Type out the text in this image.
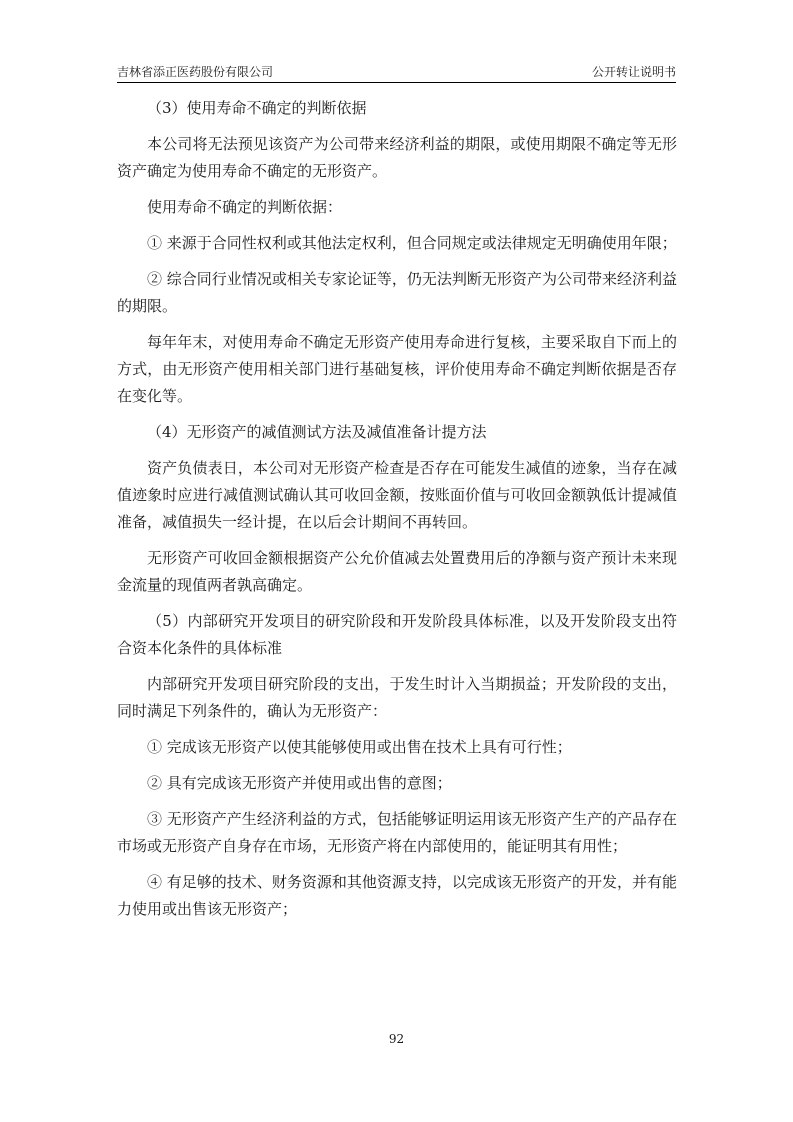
吉林省添正医药股份有限公司	公开转让说明书

（3）使用寿命不确定的判断依据

本公司将无法预见该资产为公司带来经济利益的期限，或使用期限不确定等无形资产确定为使用寿命不确定的无形资产。

使用寿命不确定的判断依据：

① 来源于合同性权利或其他法定权利，但合同规定或法律规定无明确使用年限；

② 综合同行业情况或相关专家论证等，仍无法判断无形资产为公司带来经济利益的期限。

每年年末，对使用寿命不确定无形资产使用寿命进行复核，主要采取自下而上的方式，由无形资产使用相关部门进行基础复核，评价使用寿命不确定判断依据是否存在变化等。

（4）无形资产的减值测试方法及减值准备计提方法

资产负债表日，本公司对无形资产检查是否存在可能发生减值的迹象，当存在减值迹象时应进行减值测试确认其可收回金额，按账面价值与可收回金额孰低计提减值准备，减值损失一经计提，在以后会计期间不再转回。

无形资产可收回金额根据资产公允价值减去处置费用后的净额与资产预计未来现金流量的现值两者孰高确定。

（5）内部研究开发项目的研究阶段和开发阶段具体标准，以及开发阶段支出符合资本化条件的具体标准

内部研究开发项目研究阶段的支出，于发生时计入当期损益；开发阶段的支出，同时满足下列条件的，确认为无形资产：

① 完成该无形资产以使其能够使用或出售在技术上具有可行性；

② 具有完成该无形资产并使用或出售的意图；

③ 无形资产产生经济利益的方式，包括能够证明运用该无形资产生产的产品存在市场或无形资产自身存在市场，无形资产将在内部使用的，能证明其有用性；

④ 有足够的技术、财务资源和其他资源支持，以完成该无形资产的开发，并有能力使用或出售该无形资产；

92
